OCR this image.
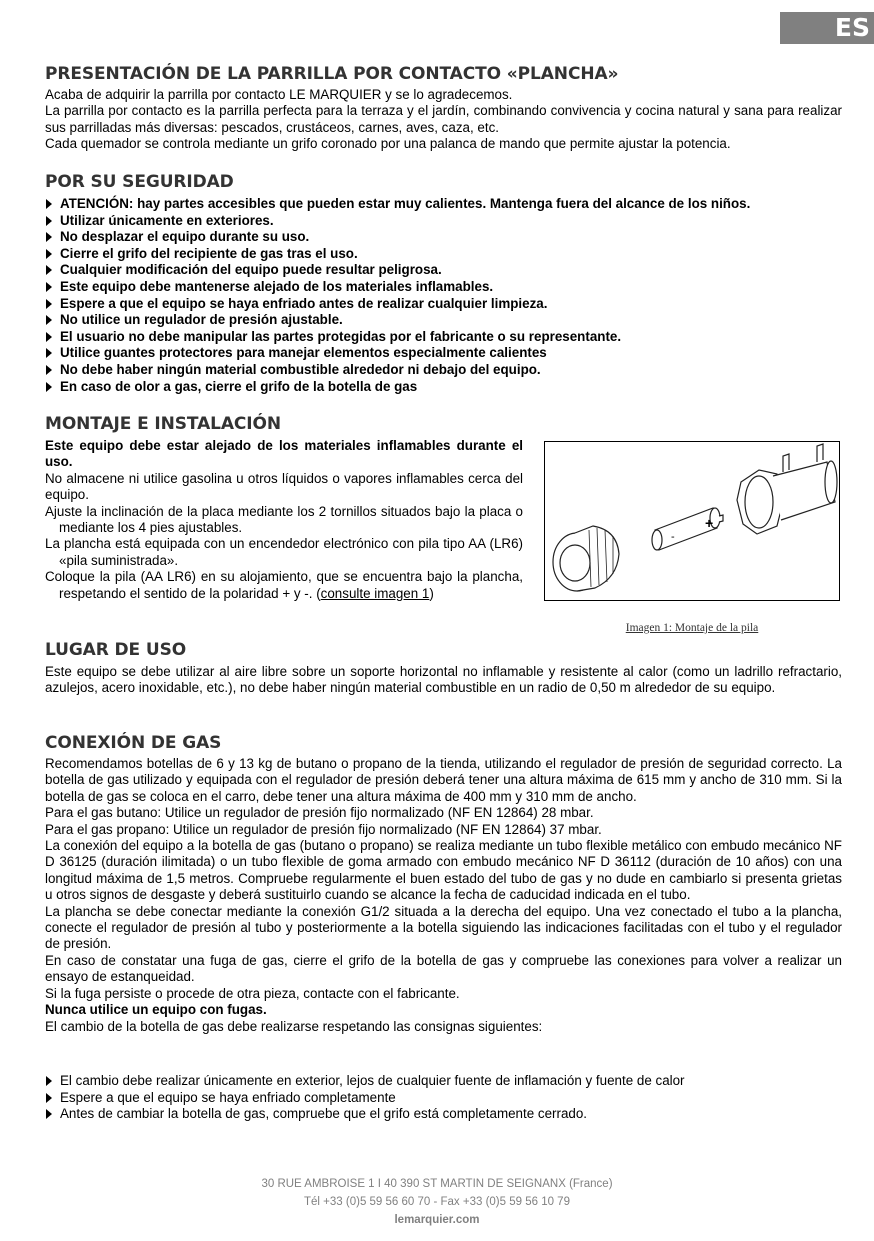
ES
PRESENTACIÓN DE LA PARRILLA POR CONTACTO «PLANCHA»
Acaba de adquirir la parrilla por contacto LE MARQUIER y se lo agradecemos.
La parrilla por contacto es la parrilla perfecta para la terraza y el jardín, combinando convivencia y cocina natural y sana para realizar sus parrilladas más diversas: pescados, crustáceos, carnes, aves, caza, etc.
Cada quemador se controla mediante un grifo coronado por una palanca de mando que permite ajustar la potencia.
POR SU SEGURIDAD
ATENCIÓN: hay partes accesibles que pueden estar muy calientes. Mantenga fuera del alcance de los niños.
Utilizar únicamente en exteriores.
No desplazar el equipo durante su uso.
Cierre el grifo del recipiente de gas tras el uso.
Cualquier modificación del equipo puede resultar peligrosa.
Este equipo debe mantenerse alejado de los materiales inflamables.
Espere a que el equipo se haya enfriado antes de realizar cualquier limpieza.
No utilice un regulador de presión ajustable.
El usuario no debe manipular las partes protegidas por el fabricante o su representante.
Utilice guantes protectores para manejar elementos especialmente calientes
No debe haber ningún material combustible alrededor ni debajo del equipo.
En caso de olor a gas, cierre el grifo de la botella de gas
MONTAJE E INSTALACIÓN
Este equipo debe estar alejado de los materiales inflamables durante el uso.
No almacene ni utilice gasolina u otros líquidos o vapores inflamables cerca del equipo.
Ajuste la inclinación de la placa mediante los 2 tornillos situados bajo la placa o mediante los 4 pies ajustables.
La plancha está equipada con un encendedor electrónico con pila tipo AA (LR6) «pila suministrada».
Coloque la pila (AA LR6) en su alojamiento, que se encuentra bajo la plancha, respetando el sentido de la polaridad + y -. (consulte imagen 1)
+
-
Imagen 1: Montaje de la pila
LUGAR DE USO
Este equipo se debe utilizar al aire libre sobre un soporte horizontal no inflamable y resistente al calor (como un ladrillo refractario, azulejos, acero inoxidable, etc.), no debe haber ningún material combustible en un radio de 0,50 m alrededor de su equipo.
CONEXIÓN DE GAS
Recomendamos botellas de 6 y 13 kg de butano o propano de la tienda, utilizando el regulador de presión de seguridad correcto. La botella de gas utilizado y equipada con el regulador de presión deberá tener una altura máxima de 615 mm y ancho de 310 mm. Si la botella de gas se coloca en el carro, debe tener una altura máxima de 400 mm y 310 mm de ancho.
Para el gas butano: Utilice un regulador de presión fijo normalizado (NF EN 12864) 28 mbar.
Para el gas propano: Utilice un regulador de presión fijo normalizado (NF EN 12864) 37 mbar.
La conexión del equipo a la botella de gas (butano o propano) se realiza mediante un tubo flexible metálico con embudo mecánico NF D 36125 (duración ilimitada) o un tubo flexible de goma armado con embudo mecánico NF D 36112 (duración de 10 años) con una longitud máxima de 1,5 metros. Compruebe regularmente el buen estado del tubo de gas y no dude en cambiarlo si presenta grietas u otros signos de desgaste y deberá sustituirlo cuando se alcance la fecha de caducidad indicada en el tubo.
La plancha se debe conectar mediante la conexión G1/2 situada a la derecha del equipo. Una vez conectado el tubo a la plancha, conecte el regulador de presión al tubo y posteriormente a la botella siguiendo las indicaciones facilitadas con el tubo y el regulador de presión.
En caso de constatar una fuga de gas, cierre el grifo de la botella de gas y compruebe las conexiones para volver a realizar un ensayo de estanqueidad.
Si la fuga persiste o procede de otra pieza, contacte con el fabricante.
Nunca utilice un equipo con fugas.
El cambio de la botella de gas debe realizarse respetando las consignas siguientes:
El cambio debe realizar únicamente en exterior, lejos de cualquier fuente de inflamación y fuente de calor
Espere a que el equipo se haya enfriado completamente
Antes de cambiar la botella de gas, compruebe que el grifo está completamente cerrado.
30 RUE AMBROISE 1 I 40 390 ST MARTIN DE SEIGNANX (France)
Tél +33 (0)5 59 56 60 70 - Fax +33 (0)5 59 56 10 79
lemarquier.com
